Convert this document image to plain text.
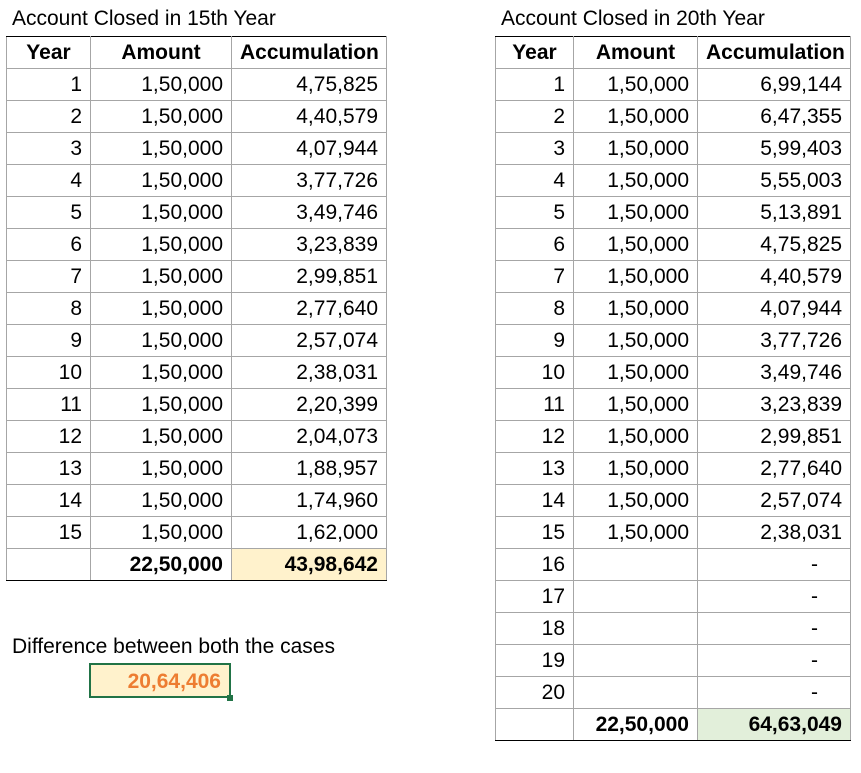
Account Closed in 15th Year
Year	Amount	Accumulation
1	1,50,000	4,75,825
2	1,50,000	4,40,579
3	1,50,000	4,07,944
4	1,50,000	3,77,726
5	1,50,000	3,49,746
6	1,50,000	3,23,839
7	1,50,000	2,99,851
8	1,50,000	2,77,640
9	1,50,000	2,57,074
10	1,50,000	2,38,031
11	1,50,000	2,20,399
12	1,50,000	2,04,073
13	1,50,000	1,88,957
14	1,50,000	1,74,960
15	1,50,000	1,62,000
	22,50,000	43,98,642
Account Closed in 20th Year
Year	Amount	Accumulation
1	1,50,000	6,99,144
2	1,50,000	6,47,355
3	1,50,000	5,99,403
4	1,50,000	5,55,003
5	1,50,000	5,13,891
6	1,50,000	4,75,825
7	1,50,000	4,40,579
8	1,50,000	4,07,944
9	1,50,000	3,77,726
10	1,50,000	3,49,746
11	1,50,000	3,23,839
12	1,50,000	2,99,851
13	1,50,000	2,77,640
14	1,50,000	2,57,074
15	1,50,000	2,38,031
16		-
17		-
18		-
19		-
20		-
	22,50,000	64,63,049
Difference between both the cases
20,64,406
